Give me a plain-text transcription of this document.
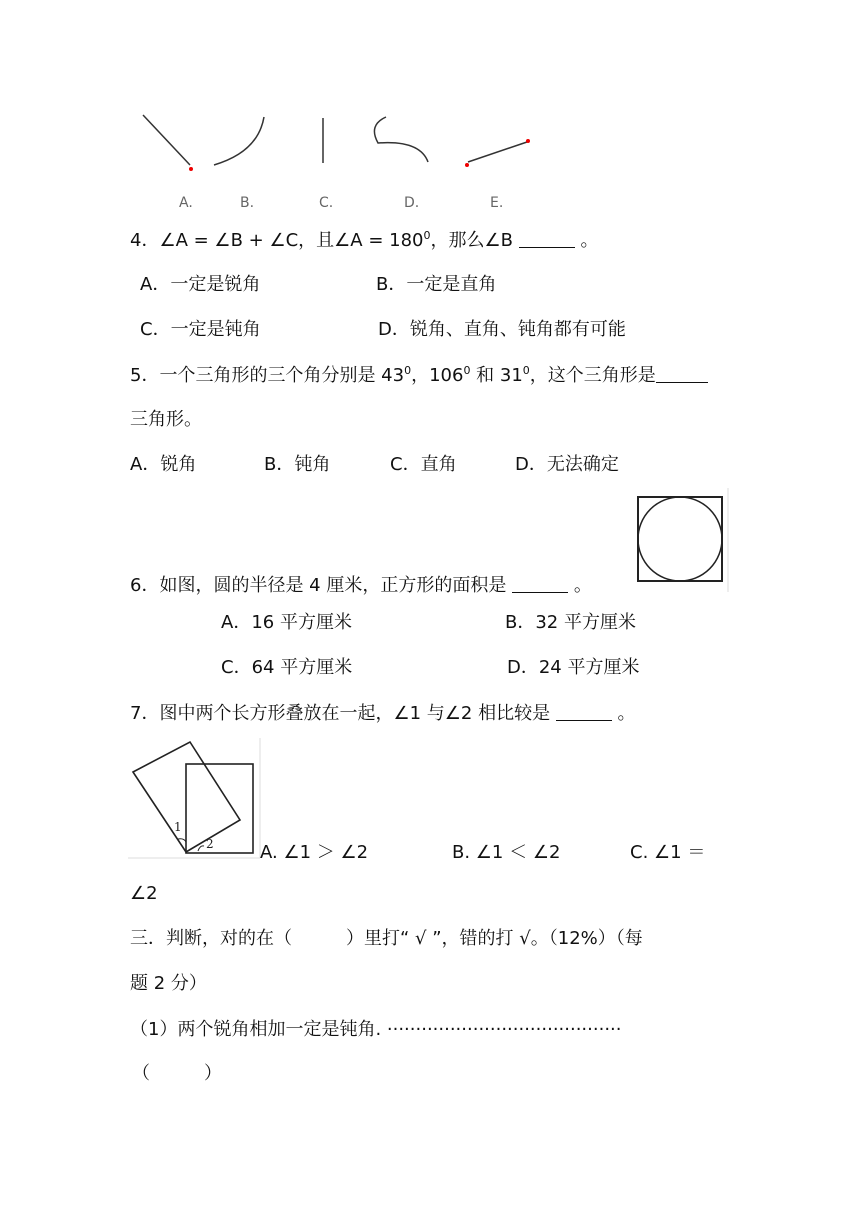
A.	B.	C.	D.	E.
4．∠A = ∠B + ∠C，且∠A = $180^0$，那么∠B	。
A．一定是锐角	B．一定是直角
C．一定是钝角	D．锐角、直角、钝角都有可能
5．一个三角形的三个角分别是 $43^0$，$106^0$ 和 $31^0$，这个三角形是
三角形。
A．锐角	B．钝角	C．直角	D．无法确定
6．如图，圆的半径是 4 厘米，正方形的面积是	。
A．16 平方厘米	B．32 平方厘米
C．64 平方厘米	D．24 平方厘米
7．图中两个长方形叠放在一起，∠1 与∠2 相比较是	。
1
2	A. ∠1 ＞ ∠2	B. ∠1 ＜ ∠2	C. ∠1 ＝
∠2
三．判断，对的在（　　　）里打“ √ ”，错的打 √。（12%）（每
题 2 分）
（1）两个锐角相加一定是钝角. ·········································
（　　　）
